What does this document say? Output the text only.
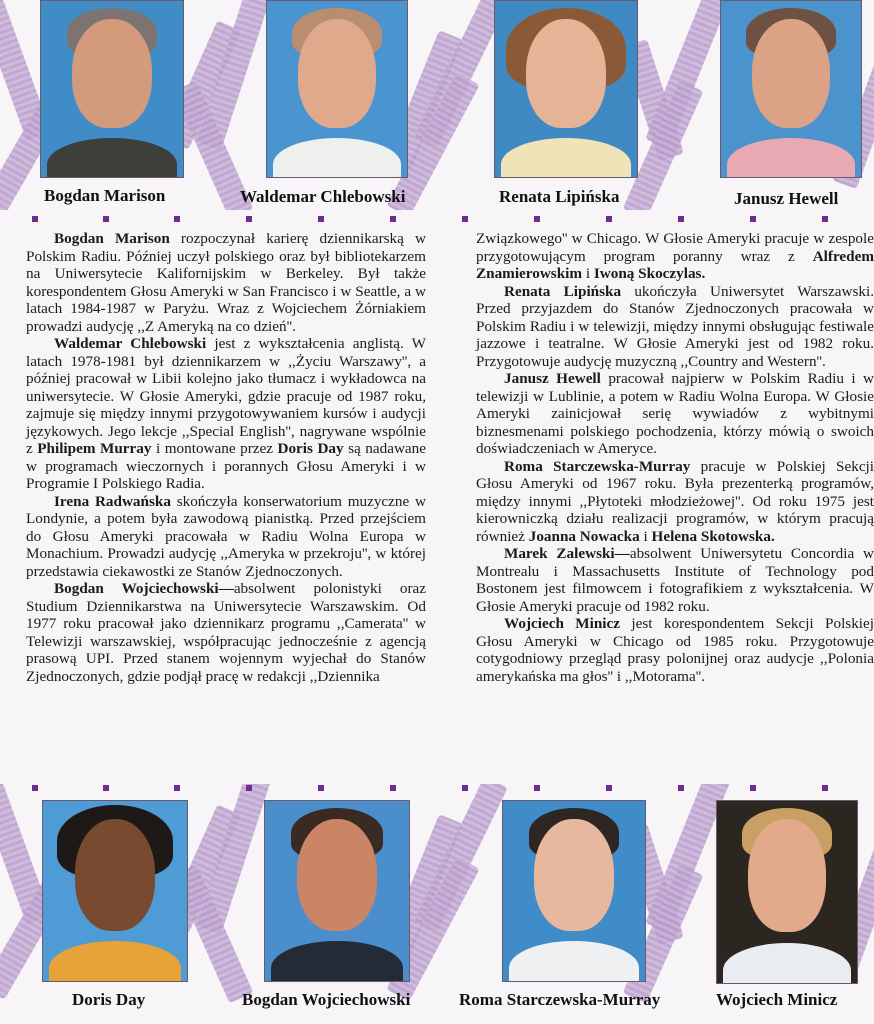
Bogdan Marison	Waldemar Chlebowski	Renata Lipińska	Janusz Hewell

Bogdan Marison rozpoczynał karierę dziennikarską w Polskim Radiu. Później uczył polskiego oraz był bibliotekarzem na Uniwersytecie Kalifornijskim w Berkeley. Był także korespondentem Głosu Ameryki w San Francisco i w Seattle, a w latach 1984-1987 w Paryżu. Wraz z Wojciechem Żórniakiem prowadzi audycję ,,Z Ameryką na co dzień''.

Waldemar Chlebowski jest z wykształcenia anglistą. W latach 1978-1981 był dziennikarzem w ,,Życiu Warszawy'', a później pracował w Libii kolejno jako tłumacz i wykładowca na uniwersytecie. W Głosie Ameryki, gdzie pracuje od 1987 roku, zajmuje się między innymi przygotowywaniem kursów i audycji językowych. Jego lekcje ,,Special English'', nagrywane wspólnie z Philipem Murray i montowane przez Doris Day są nadawane w programach wieczornych i porannych Głosu Ameryki i w Programie I Polskiego Radia.

Irena Radwańska skończyła konserwatorium muzyczne w Londynie, a potem była zawodową pianistką. Przed przejściem do Głosu Ameryki pracowała w Radiu Wolna Europa w Monachium. Prowadzi audycję ,,Ameryka w przekroju'', w której przedstawia ciekawostki ze Stanów Zjednoczonych.

Bogdan Wojciechowski—absolwent polonistyki oraz Studium Dziennikarstwa na Uniwersytecie Warszawskim. Od 1977 roku pracował jako dziennikarz programu ,,Camerata'' w Telewizji warszawskiej, współpracując jednocześnie z agencją prasową UPI. Przed stanem wojennym wyjechał do Stanów Zjednoczonych, gdzie podjął pracę w redakcji ,,Dziennika

Związkowego'' w Chicago. W Głosie Ameryki pracuje w zespole przygotowującym program poranny wraz z Alfredem Znamierowskim i Iwoną Skoczylas.

Renata Lipińska ukończyła Uniwersytet Warszawski. Przed przyjazdem do Stanów Zjednoczonych pracowała w Polskim Radiu i w telewizji, między innymi obsługując festiwale jazzowe i teatralne. W Głosie Ameryki jest od 1982 roku. Przygotowuje audycję muzyczną ,,Country and Western''.

Janusz Hewell pracował najpierw w Polskim Radiu i w telewizji w Lublinie, a potem w Radiu Wolna Europa. W Głosie Ameryki zainicjował serię wywiadów z wybitnymi biznesmenami polskiego pochodzenia, którzy mówią o swoich doświadczeniach w Ameryce.

Roma Starczewska-Murray pracuje w Polskiej Sekcji Głosu Ameryki od 1967 roku. Była prezenterką programów, między innymi ,,Płytoteki młodzieżowej''. Od roku 1975 jest kierowniczką działu realizacji programów, w którym pracują również Joanna Nowacka i Helena Skotowska.

Marek Zalewski—absolwent Uniwersytetu Concordia w Montrealu i Massachusetts Institute of Technology pod Bostonem jest filmowcem i fotografikiem z wykształcenia. W Głosie Ameryki pracuje od 1982 roku.

Wojciech Minicz jest korespondentem Sekcji Polskiej Głosu Ameryki w Chicago od 1985 roku. Przygotowuje cotygodniowy przegląd prasy polonijnej oraz audycje ,,Polonia amerykańska ma głos'' i ,,Motorama''.

Doris Day	Bogdan Wojciechowski	Roma Starczewska-Murray	Wojciech Minicz
